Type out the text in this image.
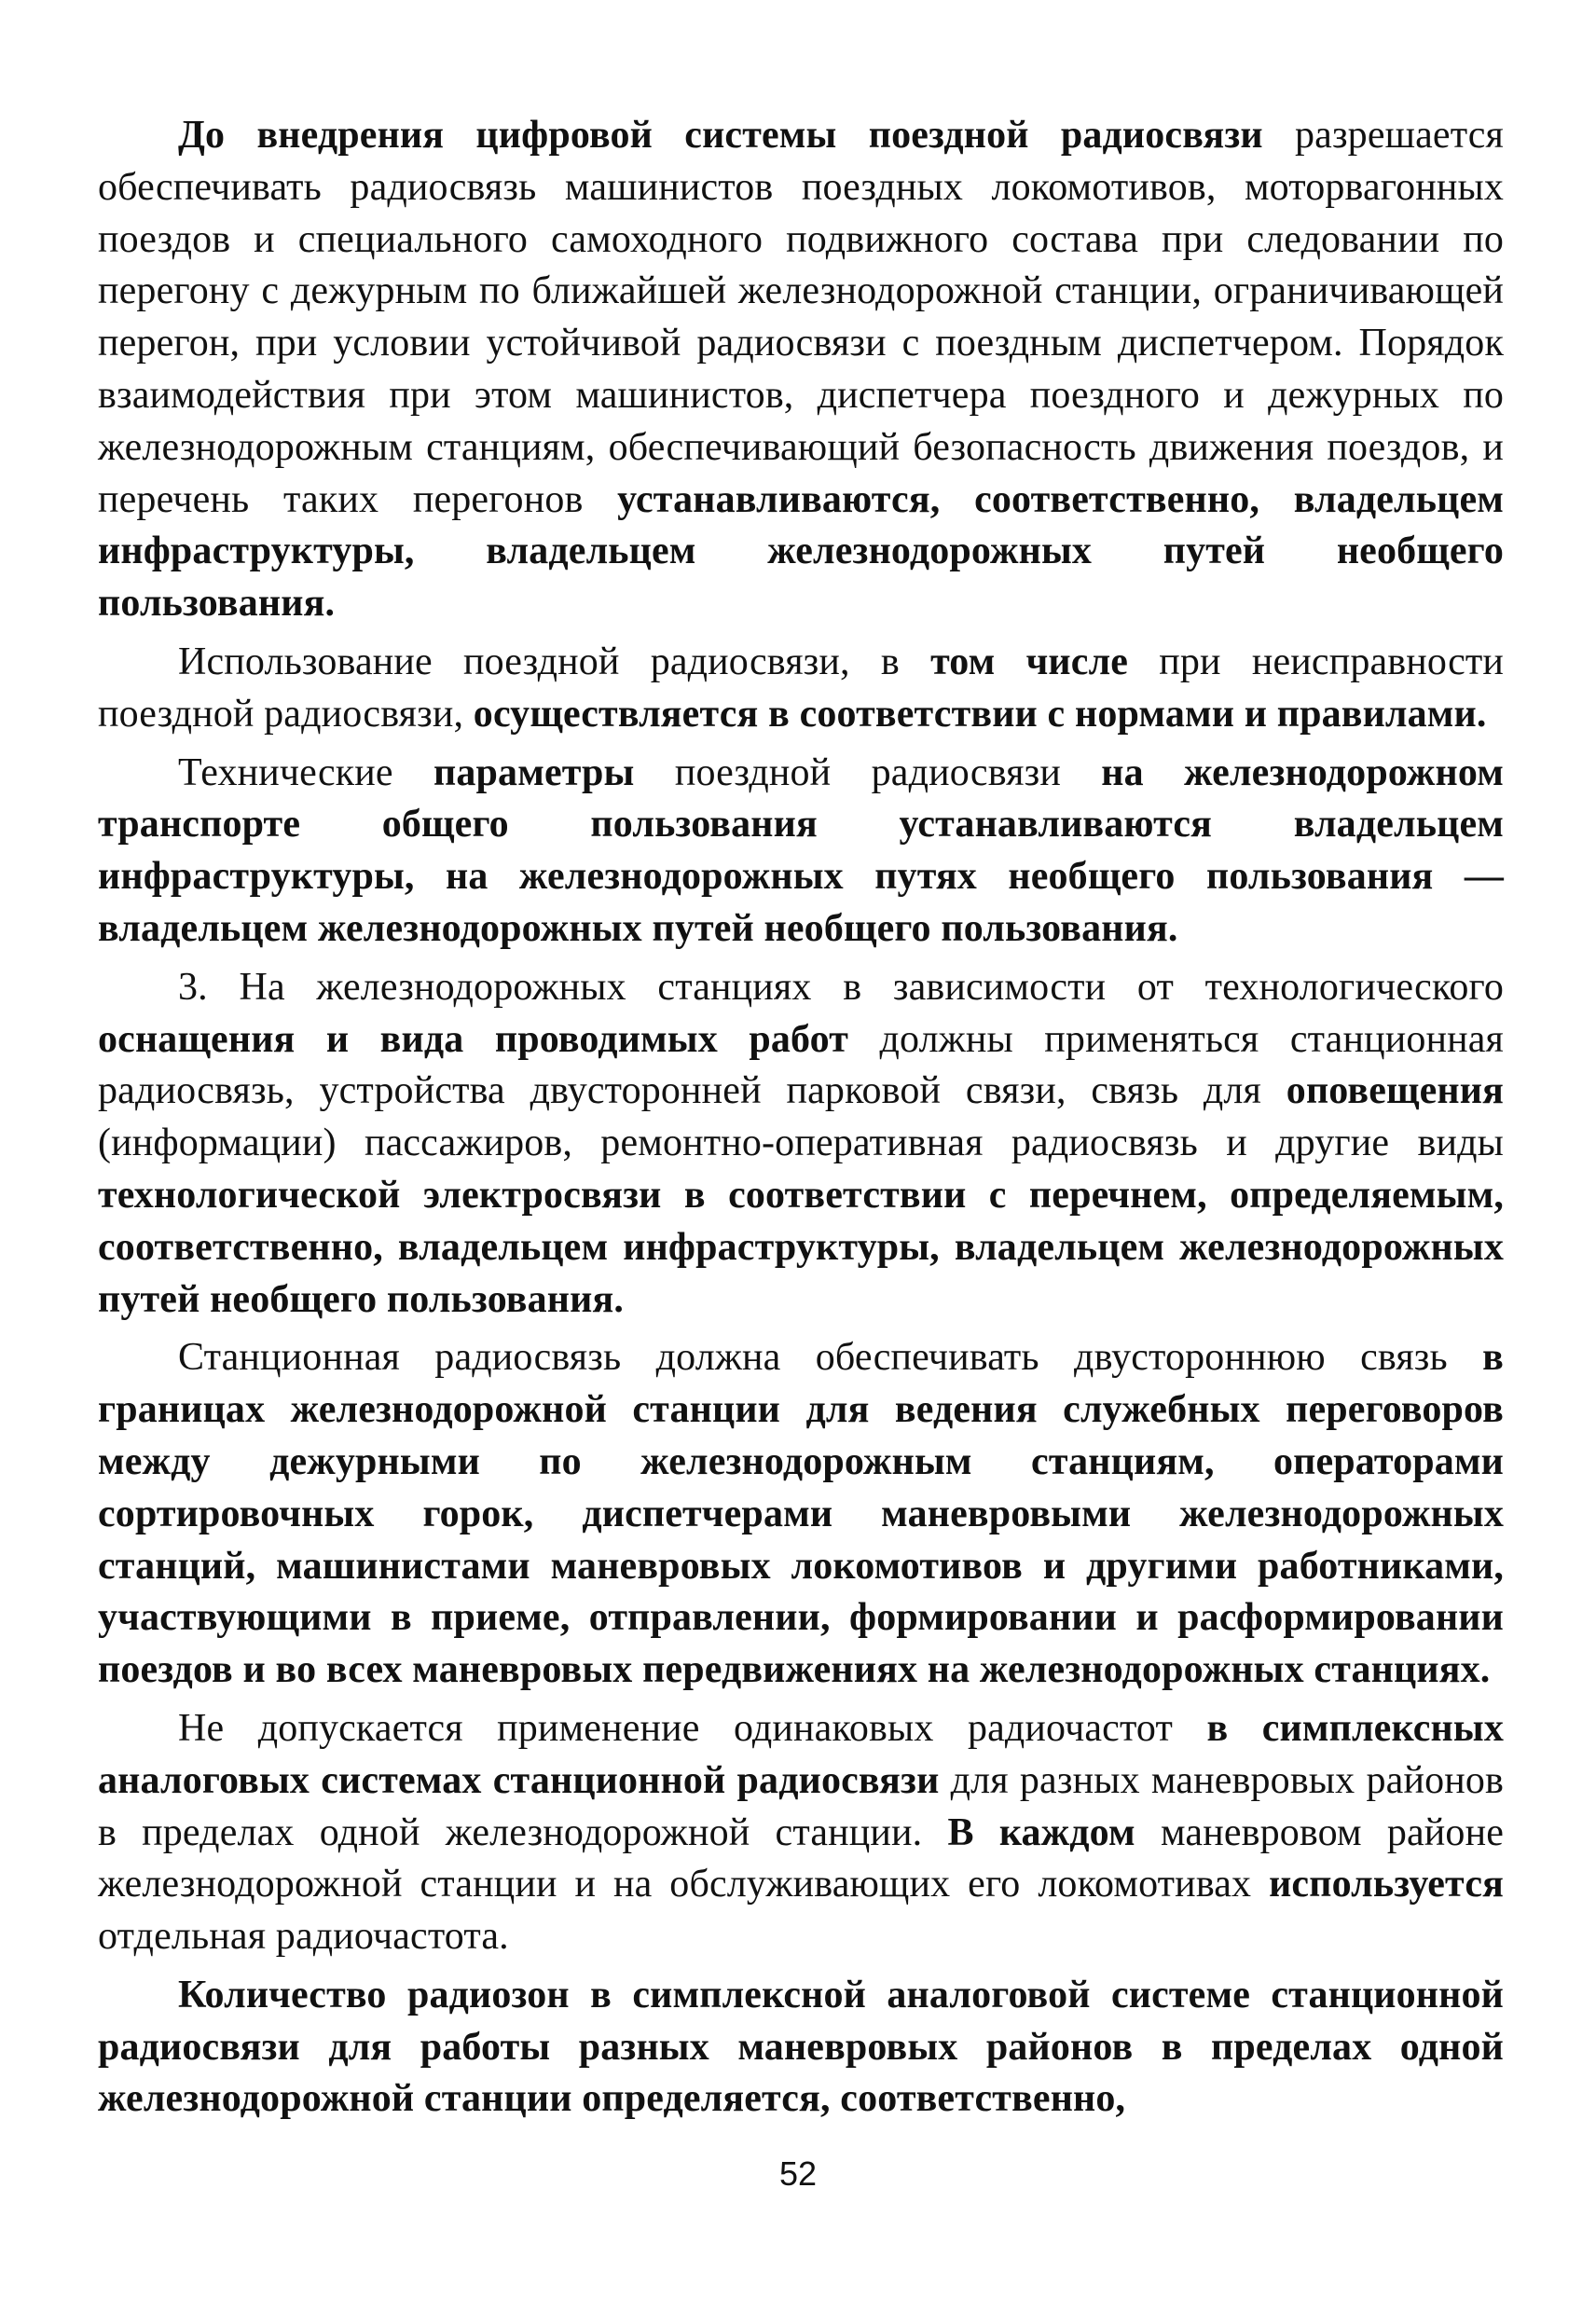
До внедрения цифровой системы поездной радиосвязи разрешается обеспечивать радиосвязь машинистов поездных локомотивов, моторвагонных поездов и специального самоходного подвижного состава при следовании по перегону с дежурным по ближайшей железнодорожной станции, ограничивающей перегон, при условии устойчивой радиосвязи с поездным диспетчером. Порядок взаимодействия при этом машинистов, диспетчера поездного и дежурных по железнодорожным станциям, обеспечивающий безопасность движения поездов, и перечень таких перегонов устанавливаются, соответственно, владельцем инфраструктуры, владельцем железнодорожных путей необщего пользования.

Использование поездной радиосвязи, в том числе при неисправности поездной радиосвязи, осуществляется в соответствии с нормами и правилами.

Технические параметры поездной радиосвязи на железнодорожном транспорте общего пользования устанавливаются владельцем инфраструктуры, на железнодорожных путях необщего пользования — владельцем железнодорожных путей необщего пользования.

3. На железнодорожных станциях в зависимости от технологического оснащения и вида проводимых работ должны применяться станционная радиосвязь, устройства двусторонней парковой связи, связь для оповещения (информации) пассажиров, ремонтно-оперативная радиосвязь и другие виды технологической электросвязи в соответствии с перечнем, определяемым, соответственно, владельцем инфраструктуры, владельцем железнодорожных путей необщего пользования.

Станционная радиосвязь должна обеспечивать двустороннюю связь в границах железнодорожной станции для ведения служебных переговоров между дежурными по железнодорожным станциям, операторами сортировочных горок, диспетчерами маневровыми железнодорожных станций, машинистами маневровых локомотивов и другими работниками, участвующими в приеме, отправлении, формировании и расформировании поездов и во всех маневровых передвижениях на железнодорожных станциях.

Не допускается применение одинаковых радиочастот в симплексных аналоговых системах станционной радиосвязи для разных маневровых районов в пределах одной железнодорожной станции. В каждом маневровом районе железнодорожной станции и на обслуживающих его локомотивах используется отдельная радиочастота.

Количество радиозон в симплексной аналоговой системе станционной радиосвязи для работы разных маневровых районов в пределах одной железнодорожной станции определяется, соответственно,

52
